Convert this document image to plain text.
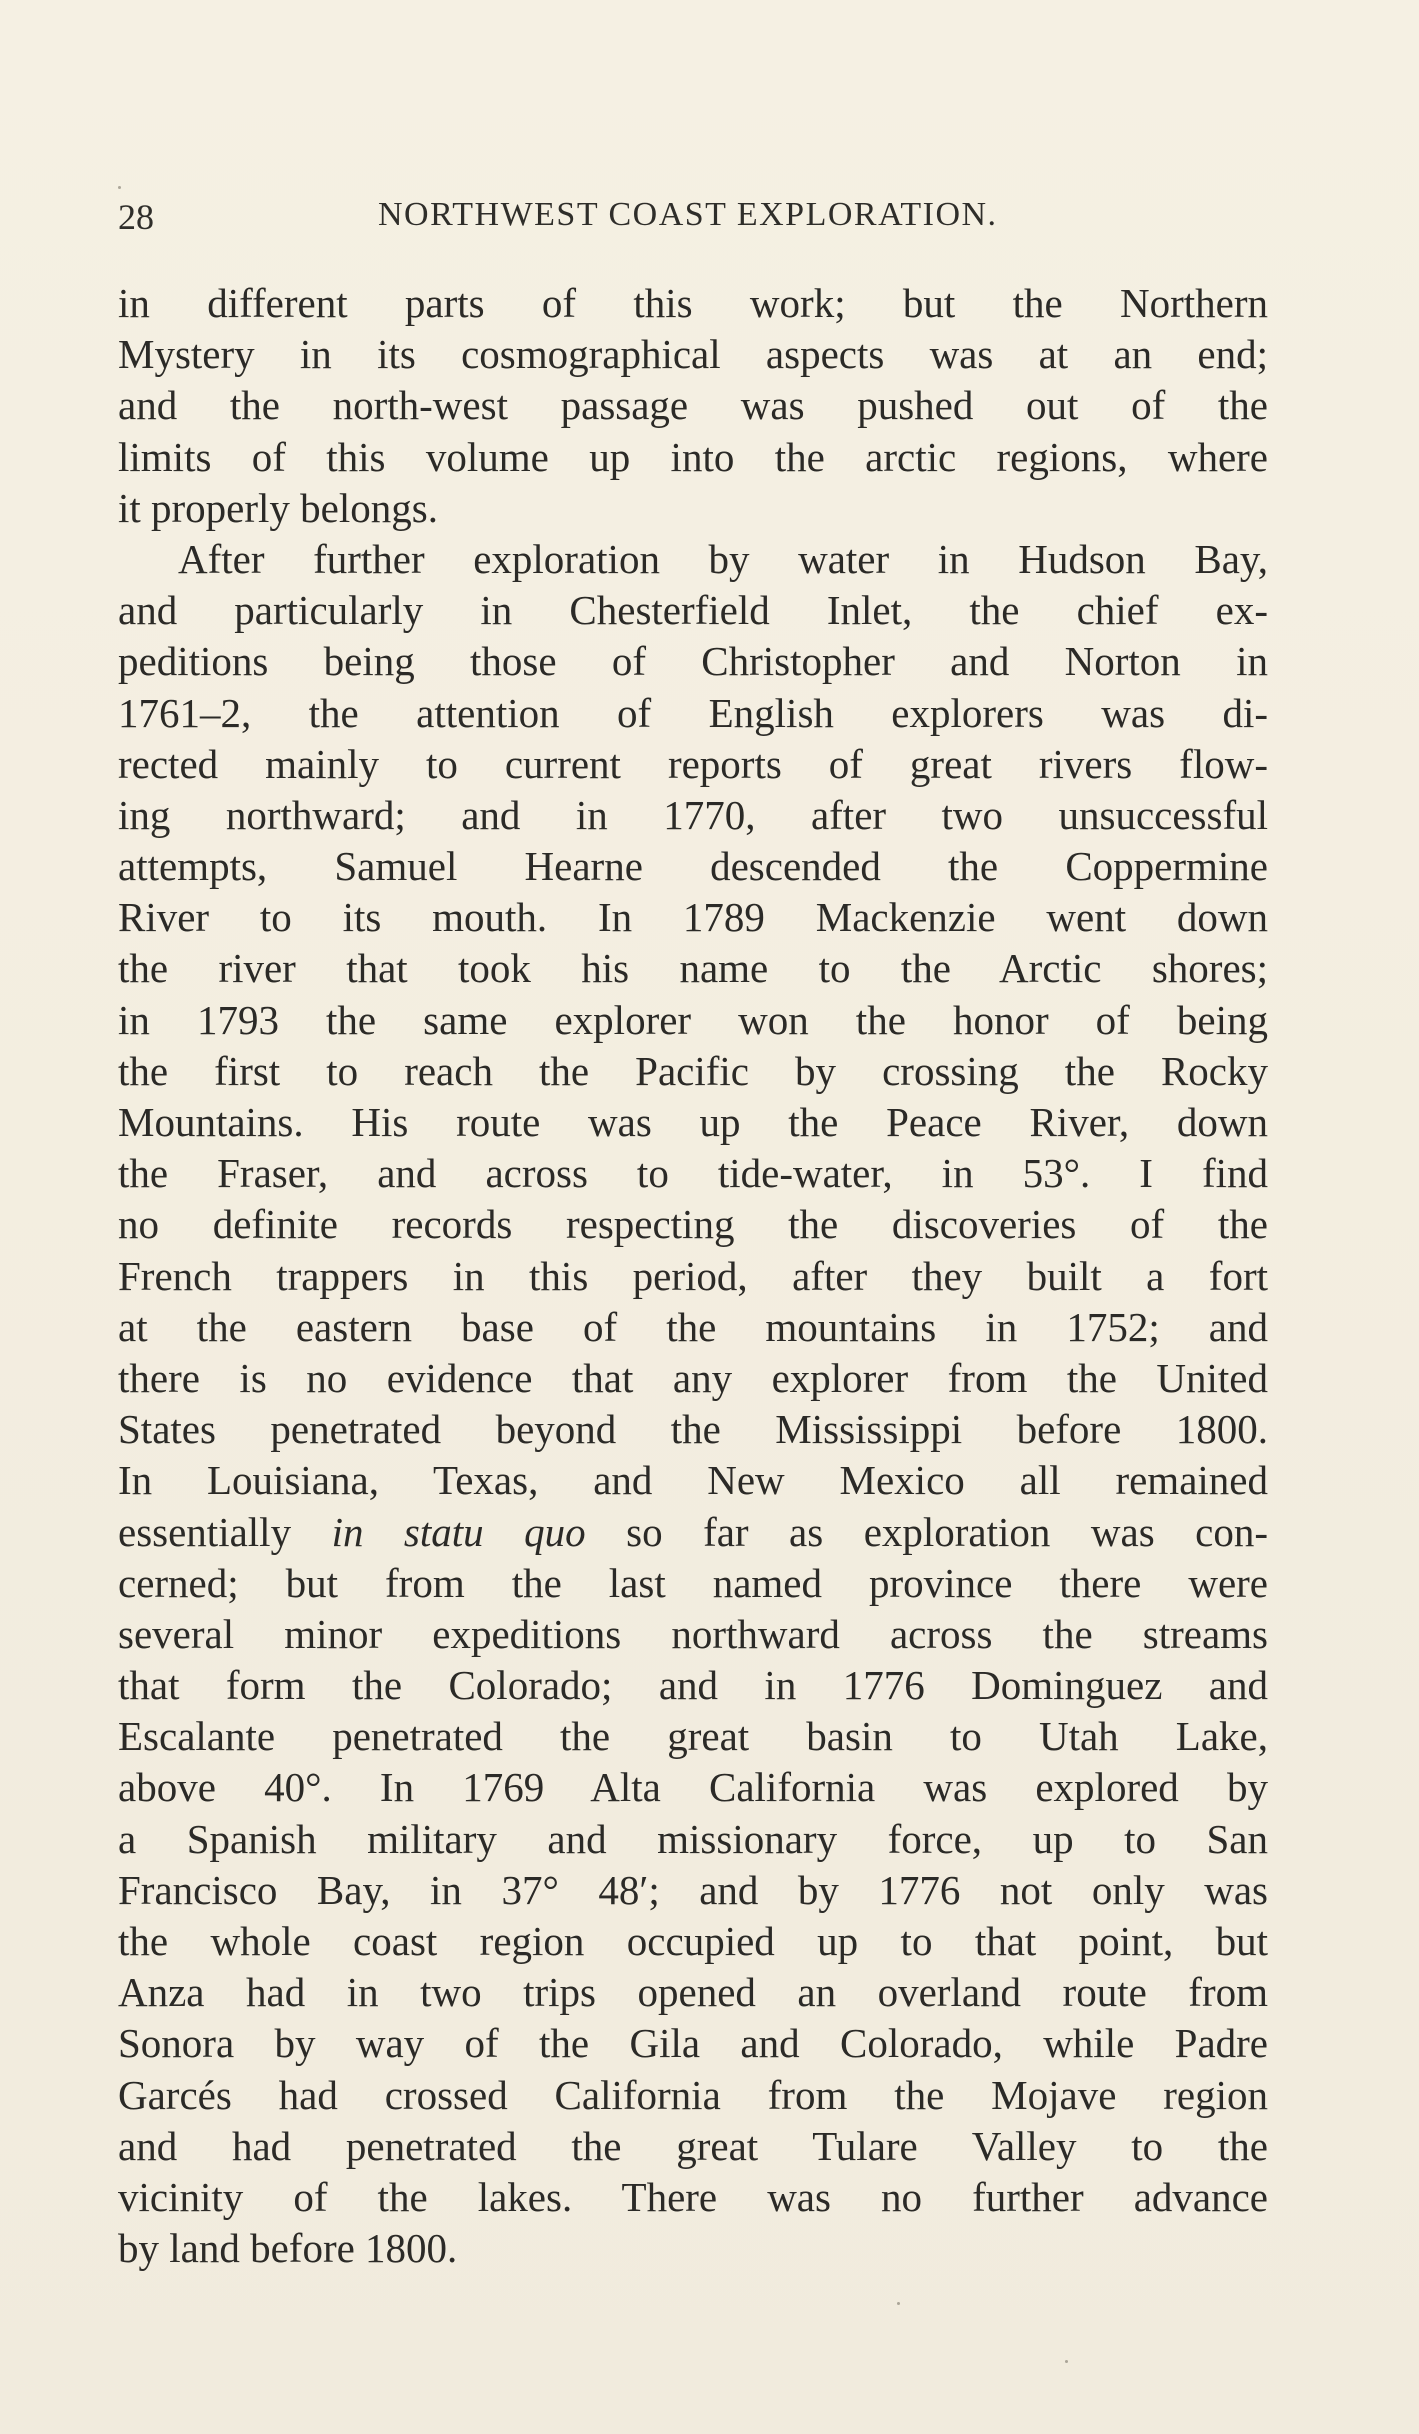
28	NORTHWEST COAST EXPLORATION.
in different parts of this work; but the Northern
Mystery in its cosmographical aspects was at an end;
and the north-west passage was pushed out of the
limits of this volume up into the arctic regions, where
it properly belongs.
After further exploration by water in Hudson Bay,
and particularly in Chesterfield Inlet, the chief ex-
peditions being those of Christopher and Norton in
1761–2, the attention of English explorers was di-
rected mainly to current reports of great rivers flow-
ing northward; and in 1770, after two unsuccessful
attempts, Samuel Hearne descended the Coppermine
River to its mouth. In 1789 Mackenzie went down
the river that took his name to the Arctic shores;
in 1793 the same explorer won the honor of being
the first to reach the Pacific by crossing the Rocky
Mountains. His route was up the Peace River, down
the Fraser, and across to tide-water, in 53°. I find
no definite records respecting the discoveries of the
French trappers in this period, after they built a fort
at the eastern base of the mountains in 1752; and
there is no evidence that any explorer from the United
States penetrated beyond the Mississippi before 1800.
In Louisiana, Texas, and New Mexico all remained
essentially in statu quo so far as exploration was con-
cerned; but from the last named province there were
several minor expeditions northward across the streams
that form the Colorado; and in 1776 Dominguez and
Escalante penetrated the great basin to Utah Lake,
above 40°. In 1769 Alta California was explored by
a Spanish military and missionary force, up to San
Francisco Bay, in 37° 48′; and by 1776 not only was
the whole coast region occupied up to that point, but
Anza had in two trips opened an overland route from
Sonora by way of the Gila and Colorado, while Padre
Garcés had crossed California from the Mojave region
and had penetrated the great Tulare Valley to the
vicinity of the lakes. There was no further advance
by land before 1800.
